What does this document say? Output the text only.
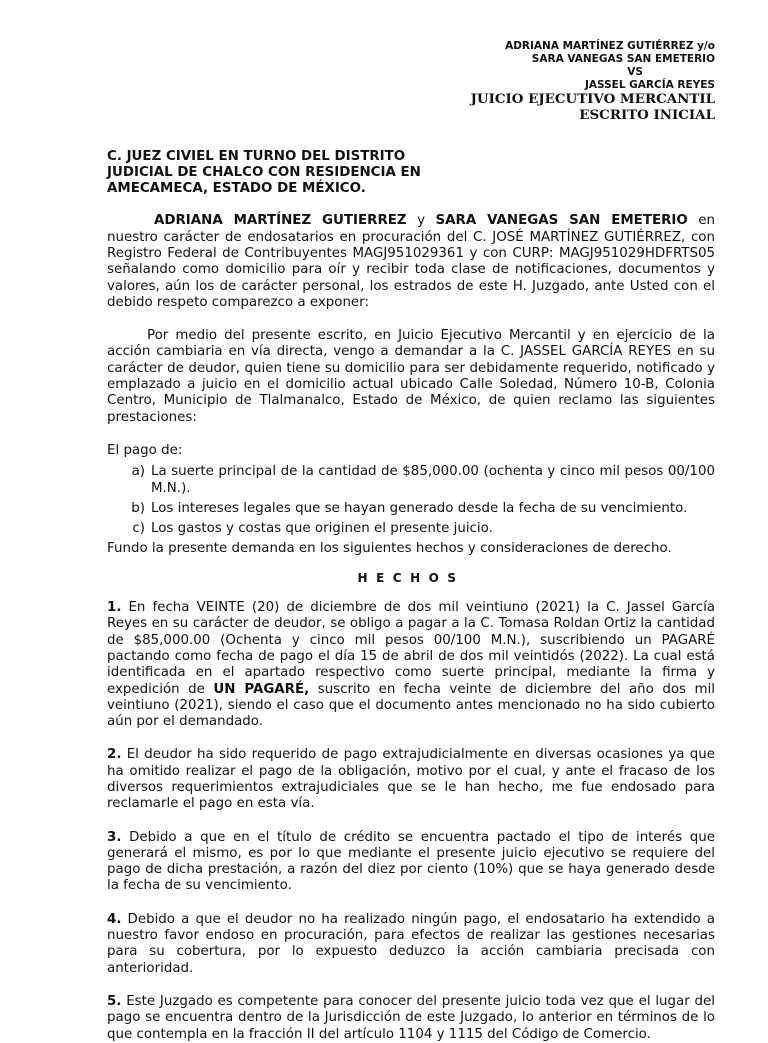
ADRIANA MARTÍNEZ GUTIÉRREZ y/o
SARA VANEGAS SAN EMETERIO
VS
JASSEL GARCÍA REYES
JUICIO EJECUTIVO MERCANTIL
ESCRITO INICIAL
C. JUEZ CIVIEL EN TURNO DEL DISTRITO JUDICIAL DE CHALCO CON RESIDENCIA EN AMECAMECA, ESTADO DE MÉXICO.

ADRIANA MARTÍNEZ GUTIERREZ y SARA VANEGAS SAN EMETERIO en nuestro carácter de endosatarios en procuración del C. JOSÉ MARTÍNEZ GUTIÉRREZ, con Registro Federal de Contribuyentes MAGJ951029361 y con CURP: MAGJ951029HDFRTS05 señalando como domicilio para oír y recibir toda clase de notificaciones, documentos y valores, aún los de carácter personal, los estrados de este H. Juzgado, ante Usted con el debido respeto comparezco a exponer:

Por medio del presente escrito, en Juicio Ejecutivo Mercantil y en ejercicio de la acción cambiaria en vía directa, vengo a demandar a la C. JASSEL GARCÍA REYES en su carácter de deudor, quien tiene su domicilio para ser debidamente requerido, notificado y emplazado a juicio en el domicilio actual ubicado Calle Soledad, Número 10-B, Colonia Centro, Municipio de Tlalmanalco, Estado de México, de quien reclamo las siguientes prestaciones:

El pago de:

a) La suerte principal de la cantidad de $85,000.00 (ochenta y cinco mil pesos 00/100 M.N.).
b) Los intereses legales que se hayan generado desde la fecha de su vencimiento.
c) Los gastos y costas que originen el presente juicio.

Fundo la presente demanda en los siguientes hechos y consideraciones de derecho.

HECHOS

1. En fecha VEINTE (20) de diciembre de dos mil veintiuno (2021) la C. Jassel García Reyes en su carácter de deudor, se obligo a pagar a la C. Tomasa Roldan Ortiz la cantidad de $85,000.00 (Ochenta y cinco mil pesos 00/100 M.N.), suscribiendo un PAGARÉ pactando como fecha de pago el día 15 de abril de dos mil veintidós (2022). La cual está identificada en el apartado respectivo como suerte principal, mediante la firma y expedición de UN PAGARÉ, suscrito en fecha veinte de diciembre del año dos mil veintiuno (2021), siendo el caso que el documento antes mencionado no ha sido cubierto aún por el demandado.

2. El deudor ha sido requerido de pago extrajudicialmente en diversas ocasiones ya que ha omitido realizar el pago de la obligación, motivo por el cual, y ante el fracaso de los diversos requerimientos extrajudiciales que se le han hecho, me fue endosado para reclamarle el pago en esta vía.

3. Debido a que en el título de crédito se encuentra pactado el tipo de interés que generará el mismo, es por lo que mediante el presente juicio ejecutivo se requiere del pago de dicha prestación, a razón del diez por ciento (10%) que se haya generado desde la fecha de su vencimiento.

4. Debido a que el deudor no ha realizado ningún pago, el endosatario ha extendido a nuestro favor endoso en procuración, para efectos de realizar las gestiones necesarias para su cobertura, por lo expuesto deduzco la acción cambiaria precisada con anterioridad.

5. Este Juzgado es competente para conocer del presente juicio toda vez que el lugar del pago se encuentra dentro de la Jurisdicción de este Juzgado, lo anterior en términos de lo que contempla en la fracción II del artículo 1104 y 1115 del Código de Comercio.
